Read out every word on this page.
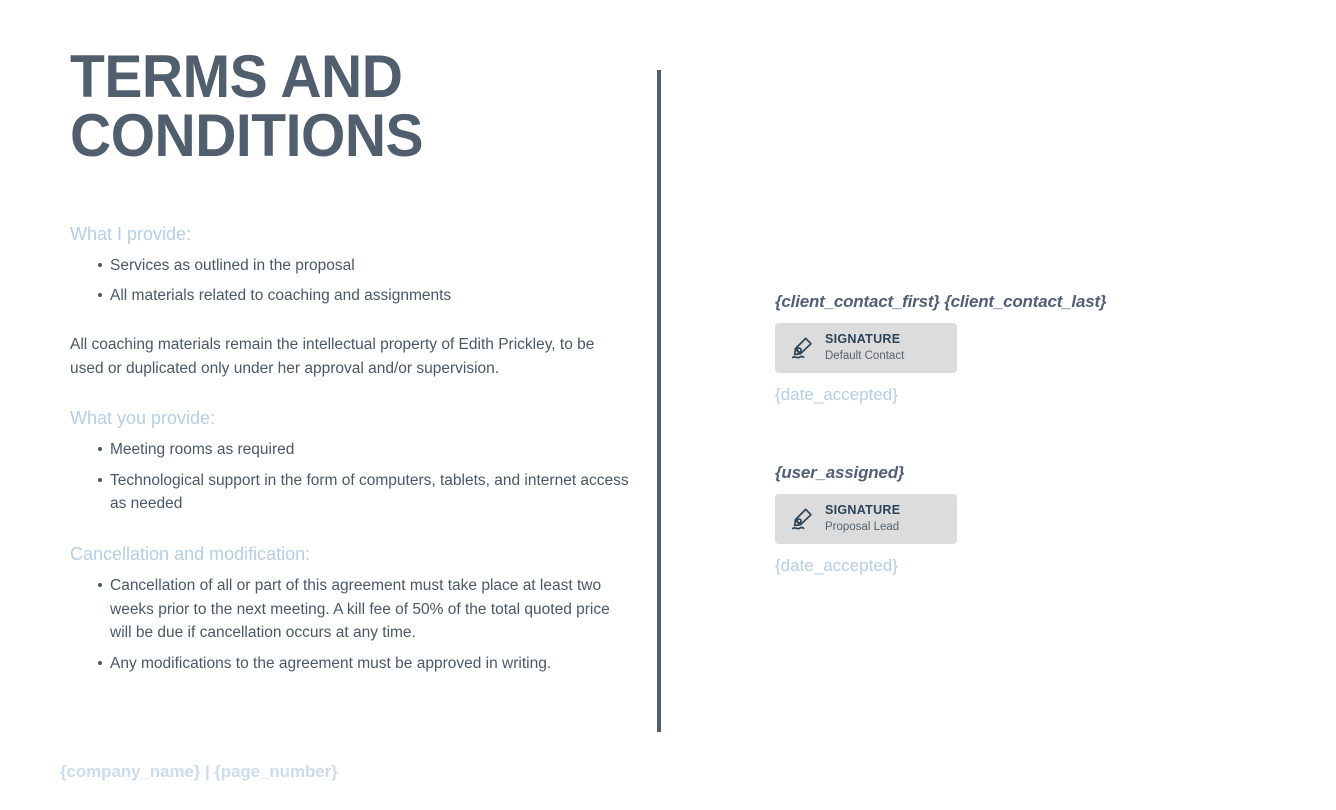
TERMS AND
CONDITIONS

What I provide:

Services as outlined in the proposal
All materials related to coaching and assignments

All coaching materials remain the intellectual property of Edith Prickley, to be used or duplicated only under her approval and/or supervision.

What you provide:

Meeting rooms as required
Technological support in the form of computers, tablets, and internet access as needed

Cancellation and modification:

Cancellation of all or part of this agreement must take place at least two weeks prior to the next meeting. A kill fee of 50% of the total quoted price will be due if cancellation occurs at any time.
Any modifications to the agreement must be approved in writing.

{client_contact_first} {client_contact_last}

SIGNATURE
Default Contact
{date_accepted}

{user_assigned}

SIGNATURE
Proposal Lead
{date_accepted}
{company_name} | {page_number}
